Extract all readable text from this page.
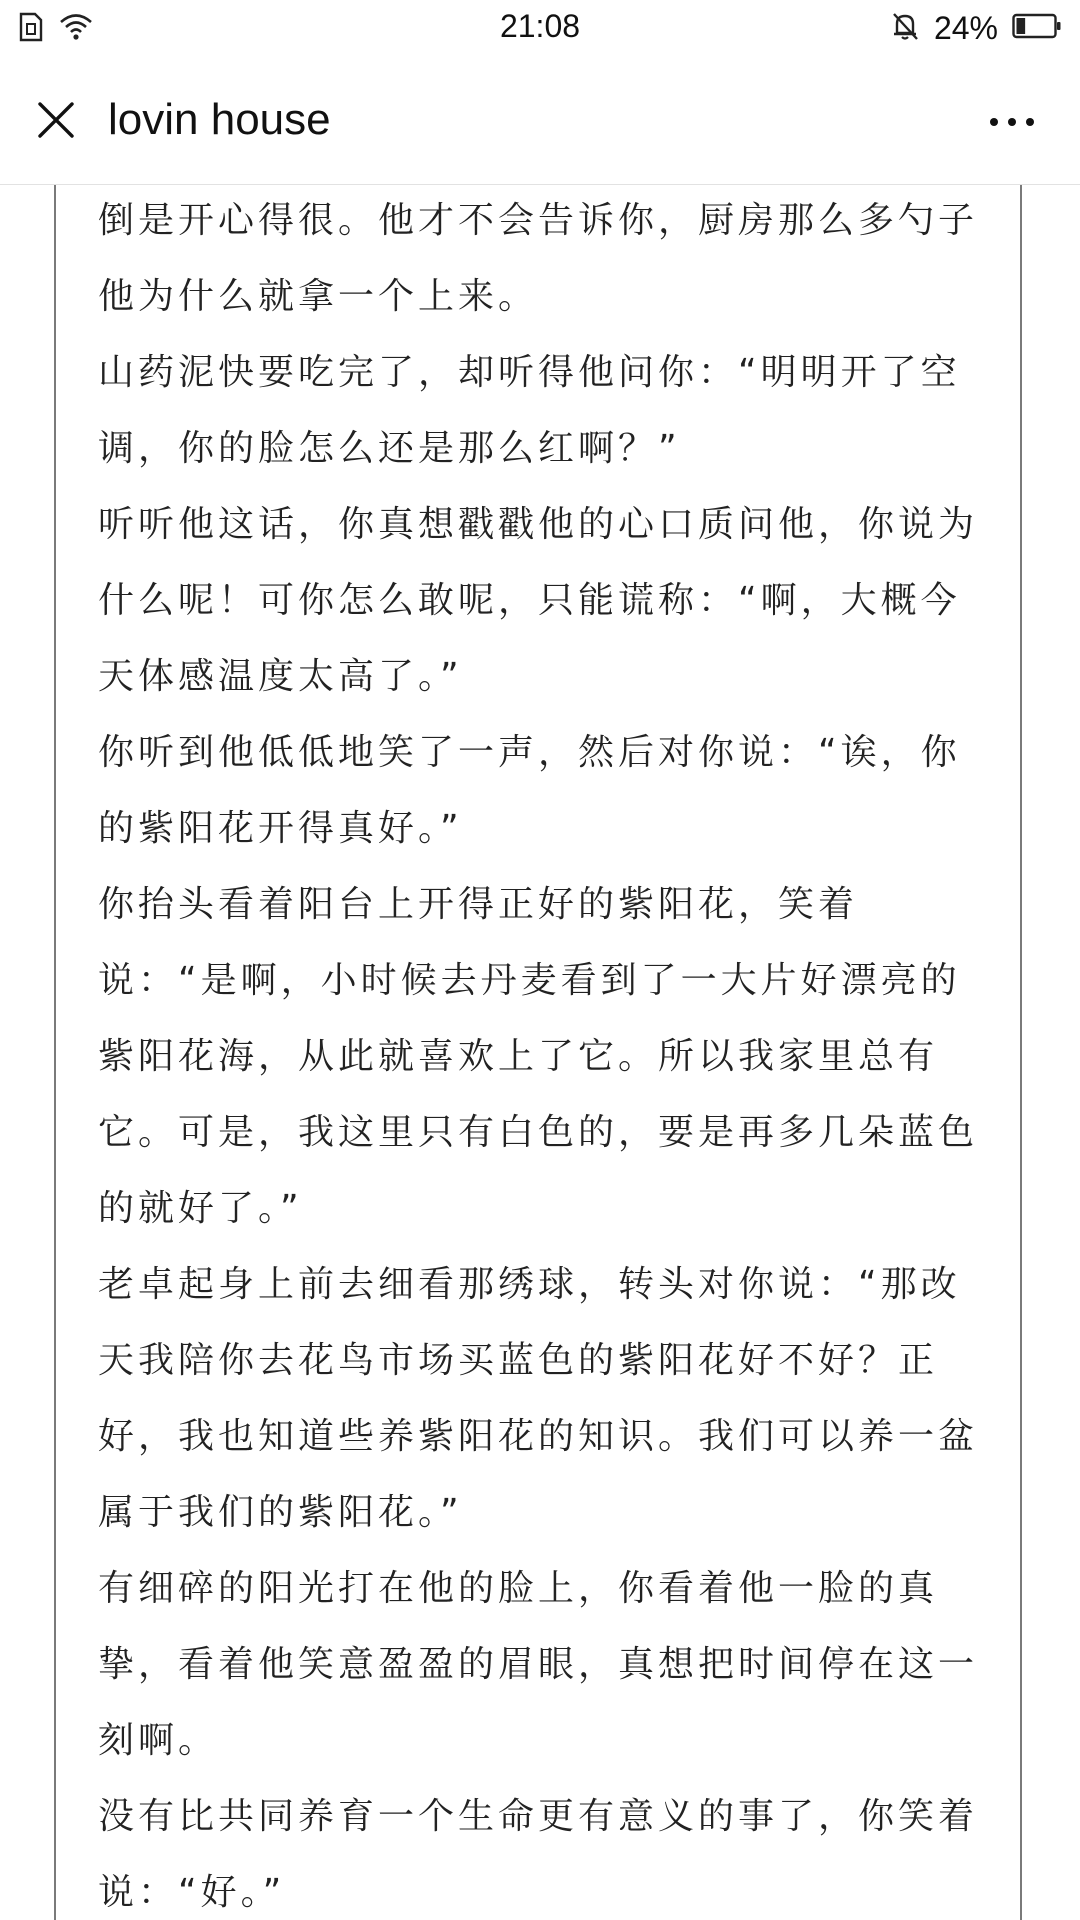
21:08	24%
lovin house

倒是开心得很。他才不会告诉你，厨房那么多勺子他为什么就拿一个上来。

山药泥快要吃完了，却听得他问你：“明明开了空调，你的脸怎么还是那么红啊？”

听听他这话，你真想戳戳他的心口质问他，你说为什么呢！可你怎么敢呢，只能谎称：“啊，大概今天体感温度太高了。”

你听到他低低地笑了一声，然后对你说：“诶，你的紫阳花开得真好。”

你抬头看着阳台上开得正好的紫阳花，笑着说：“是啊，小时候去丹麦看到了一大片好漂亮的紫阳花海，从此就喜欢上了它。所以我家里总有它。可是，我这里只有白色的，要是再多几朵蓝色的就好了。”

老卓起身上前去细看那绣球，转头对你说：“那改天我陪你去花鸟市场买蓝色的紫阳花好不好？正好，我也知道些养紫阳花的知识。我们可以养一盆属于我们的紫阳花。”

有细碎的阳光打在他的脸上，你看着他一脸的真挚，看着他笑意盈盈的眉眼，真想把时间停在这一刻啊。

没有比共同养育一个生命更有意义的事了，你笑着说：“好。”
